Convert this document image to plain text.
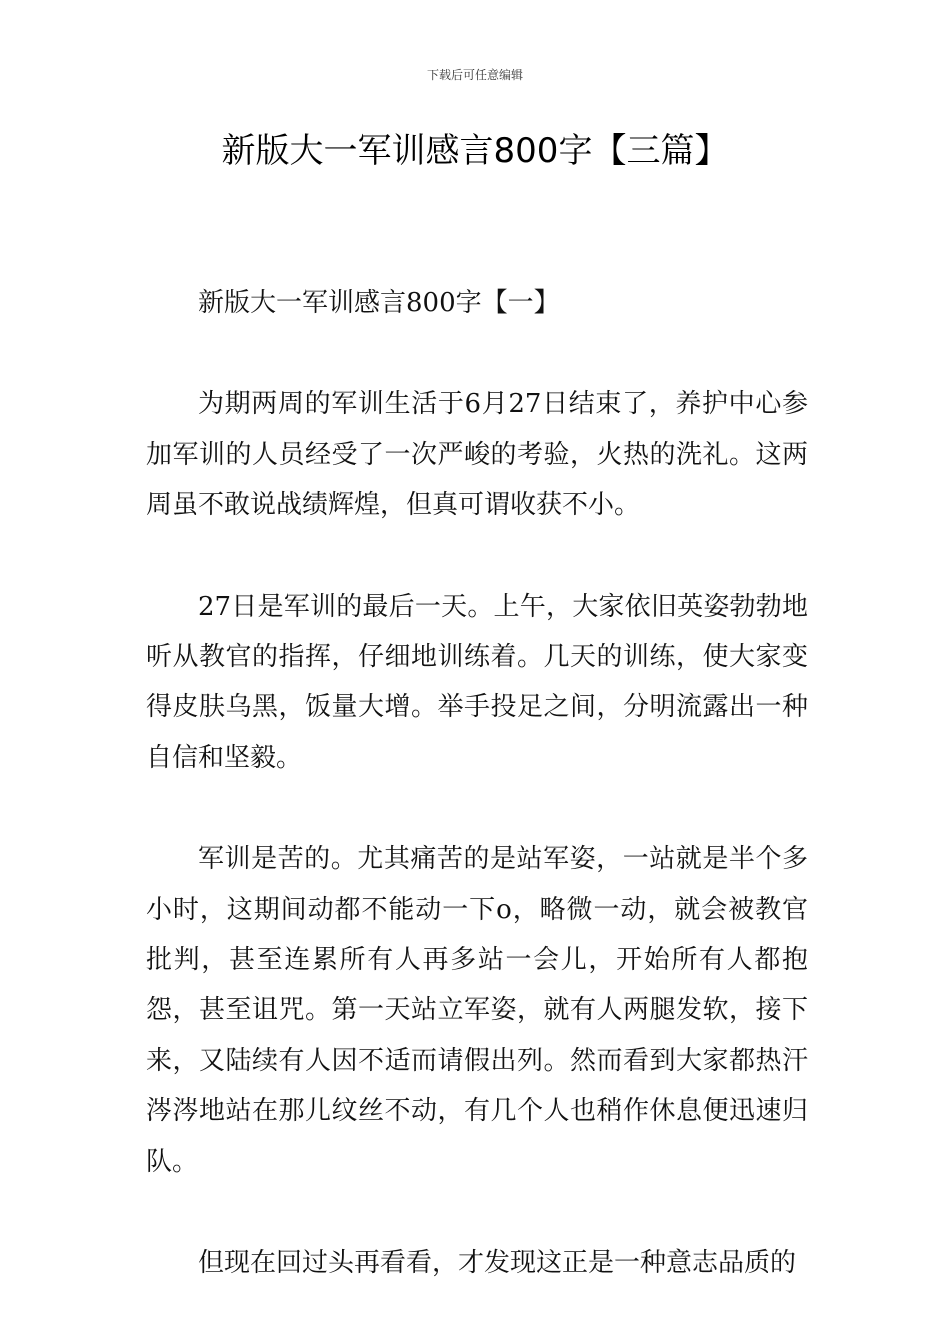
下载后可任意编辑
新版大一军训感言800字【三篇】

新版大一军训感言800字【一】

为期两周的军训生活于6月27日结束了，养护中心参加军训的人员经受了一次严峻的考验，火热的洗礼。这两周虽不敢说战绩辉煌，但真可谓收获不小。

27日是军训的最后一天。上午，大家依旧英姿勃勃地听从教官的指挥，仔细地训练着。几天的训练，使大家变得皮肤乌黑，饭量大增。举手投足之间，分明流露出一种自信和坚毅。

军训是苦的。尤其痛苦的是站军姿，一站就是半个多小时，这期间动都不能动一下o，略微一动，就会被教官批判，甚至连累所有人再多站一会儿，开始所有人都抱怨，甚至诅咒。第一天站立军姿，就有人两腿发软，接下来，又陆续有人因不适而请假出列。然而看到大家都热汗涔涔地站在那儿纹丝不动，有几个人也稍作休息便迅速归队。

但现在回过头再看看，才发现这正是一种意志品质的
